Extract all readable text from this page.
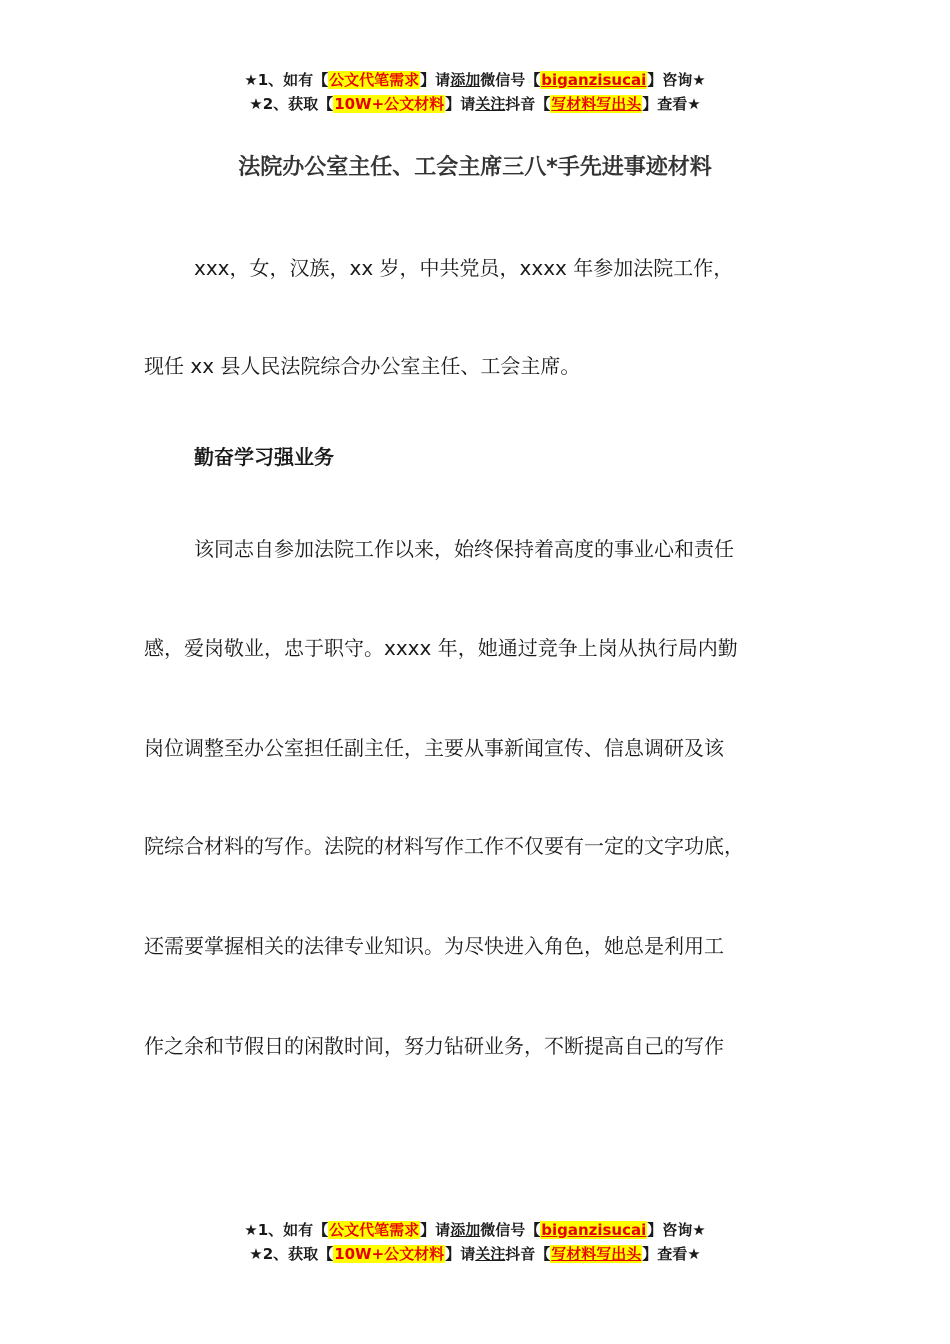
★1、如有【公文代笔需求】请添加微信号【biganzisucai】咨询★
★2、获取【10W+公文材料】请关注抖音【写材料写出头】查看★
法院办公室主任、工会主席三八*手先进事迹材料
xxx，女，汉族，xx 岁，中共党员，xxxx 年参加法院工作，
现任 xx 县人民法院综合办公室主任、工会主席。
勤奋学习强业务
该同志自参加法院工作以来，始终保持着高度的事业心和责任
感，爱岗敬业，忠于职守。xxxx 年，她通过竞争上岗从执行局内勤
岗位调整至办公室担任副主任，主要从事新闻宣传、信息调研及该
院综合材料的写作。法院的材料写作工作不仅要有一定的文字功底，
还需要掌握相关的法律专业知识。为尽快进入角色，她总是利用工
作之余和节假日的闲散时间，努力钻研业务，不断提高自己的写作
★1、如有【公文代笔需求】请添加微信号【biganzisucai】咨询★
★2、获取【10W+公文材料】请关注抖音【写材料写出头】查看★
